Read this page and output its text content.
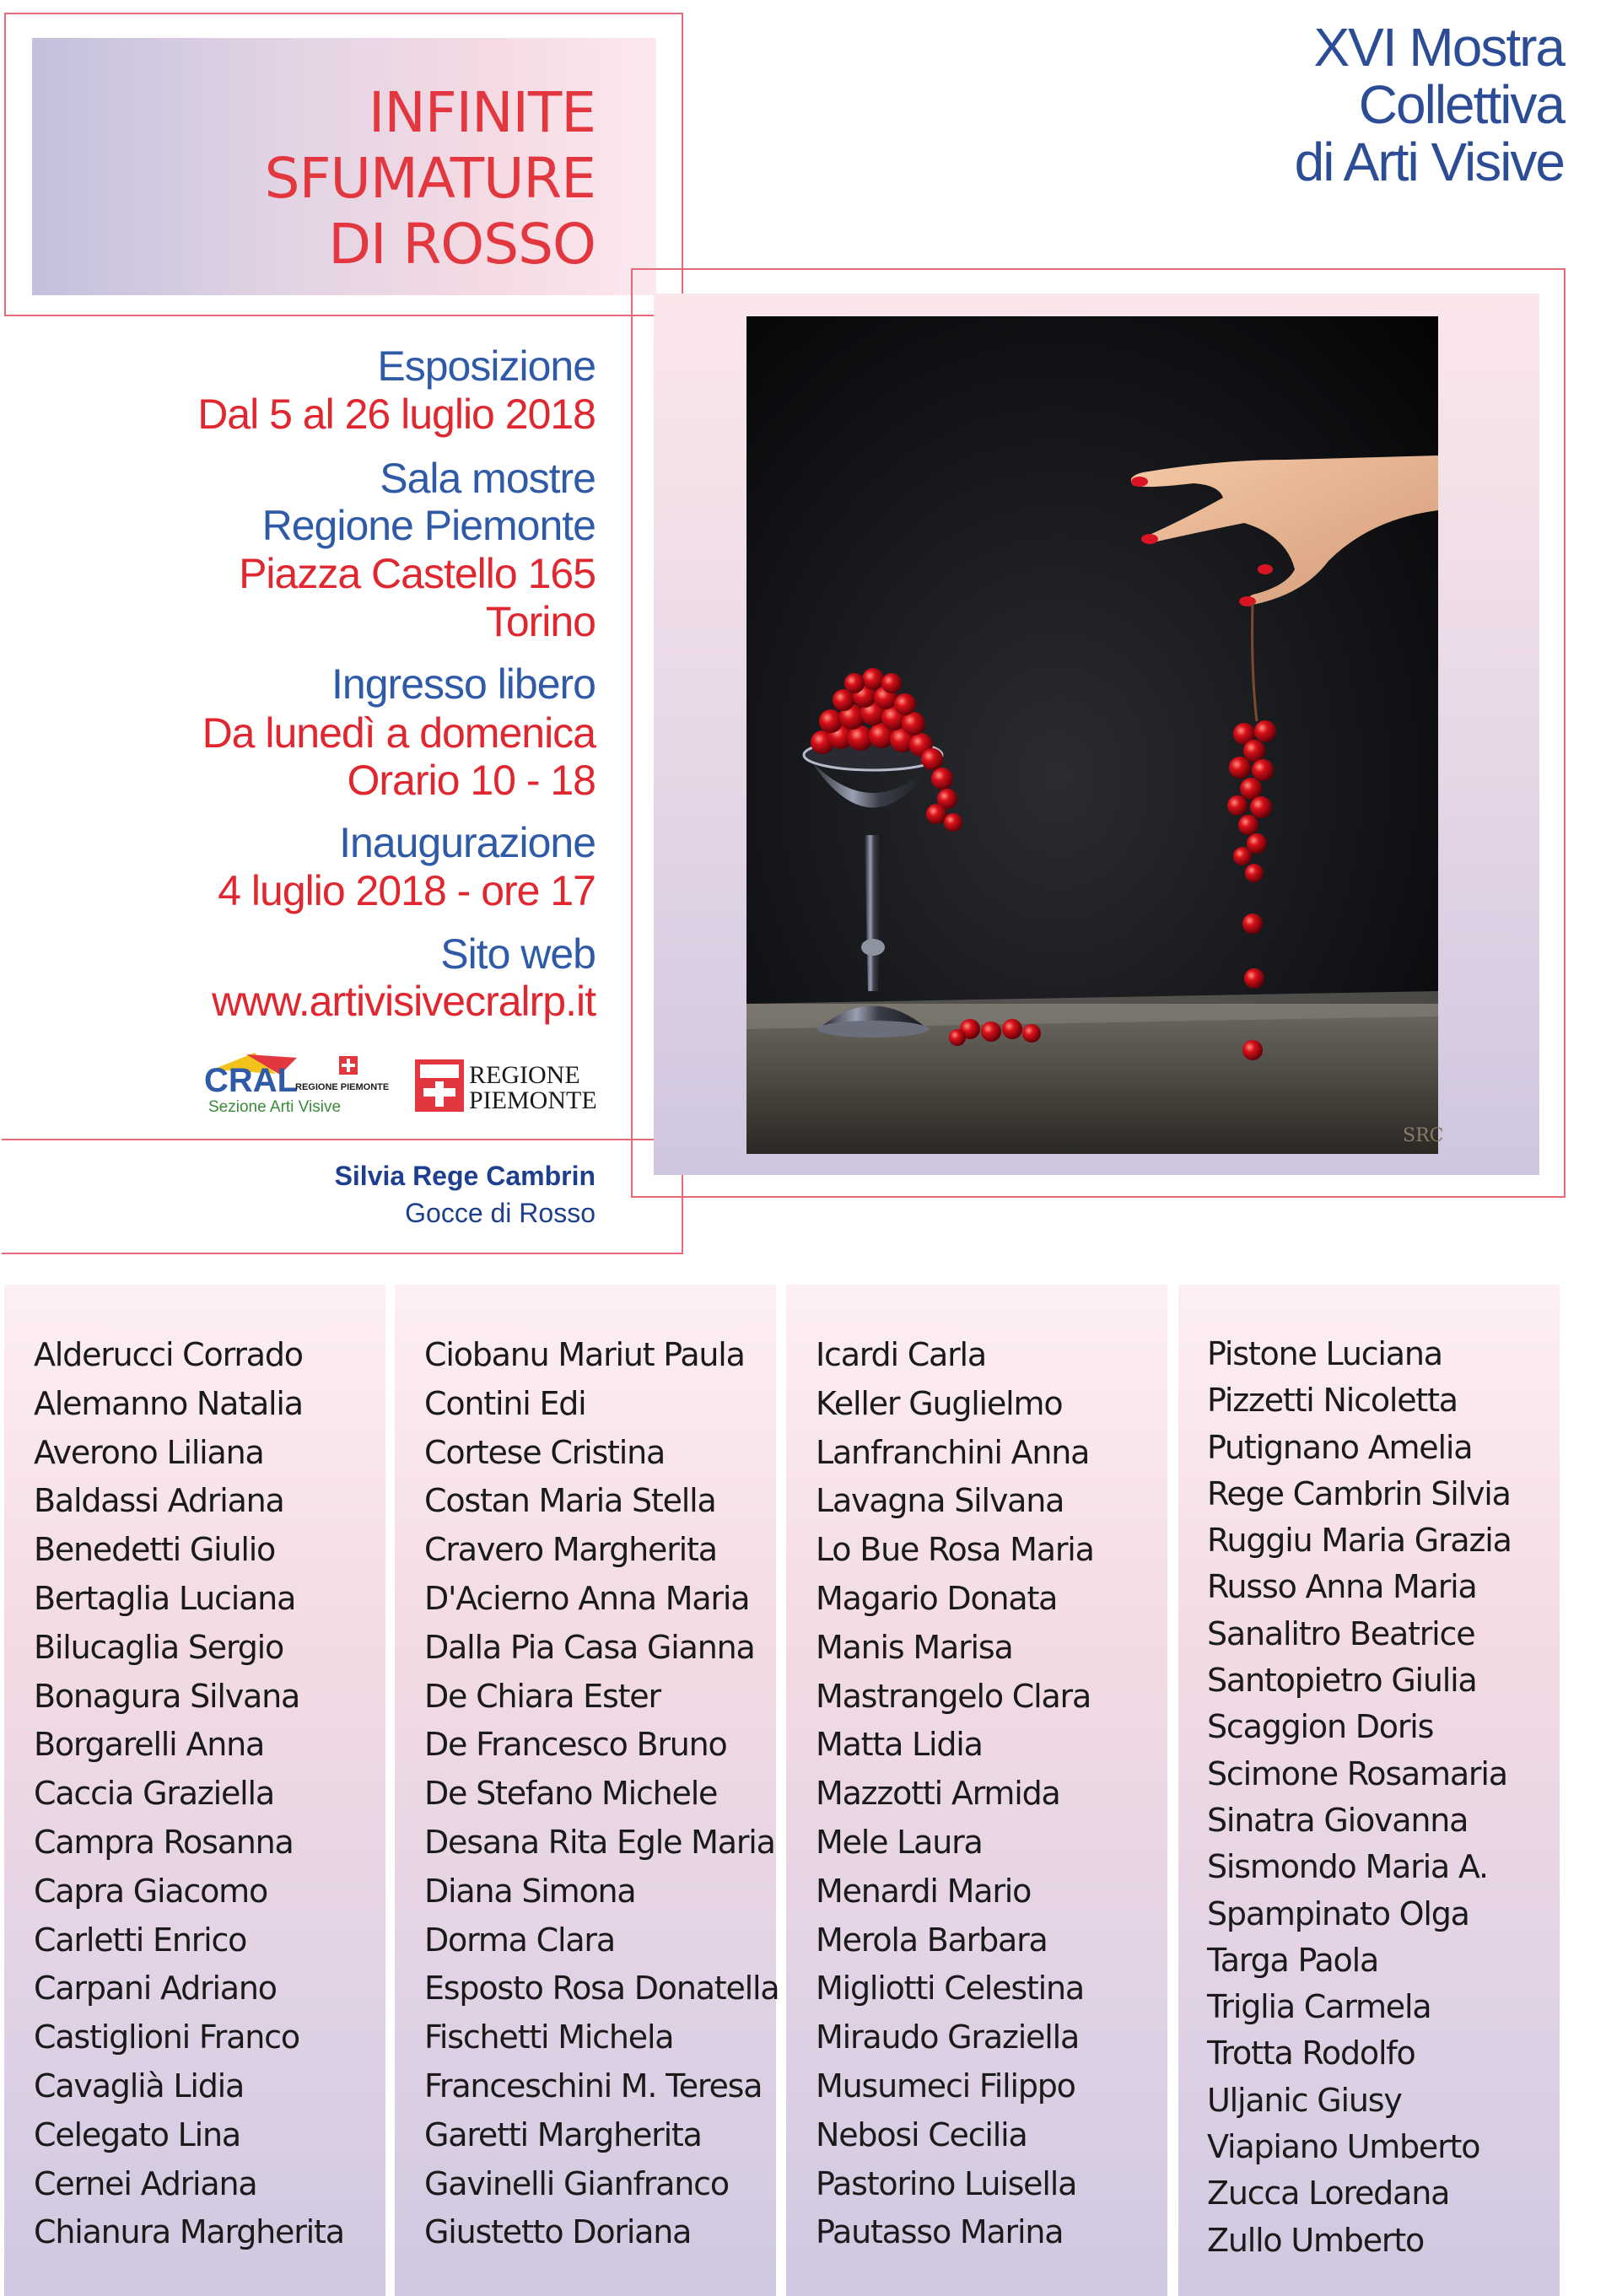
INFINITE
SFUMATURE
DI ROSSO
XVI Mostra
Collettiva
di Arti Visive
Esposizione
Dal 5 al 26 luglio 2018
Sala mostre
Regione Piemonte
Piazza Castello 165
Torino
Ingresso libero
Da lunedì a domenica
Orario 10 - 18
Inaugurazione
4 luglio 2018 - ore 17
Sito web
www.artivisivecralrp.it
CRAL
REGIONE PIEMONTE
Sezione Arti Visive
REGIONE
PIEMONTE
Silvia Rege Cambrin
Gocce di Rosso
SRC
Alderucci Corrado
Alemanno Natalia
Averono Liliana
Baldassi Adriana
Benedetti Giulio
Bertaglia Luciana
Bilucaglia Sergio
Bonagura Silvana
Borgarelli Anna
Caccia Graziella
Campra Rosanna
Capra Giacomo
Carletti Enrico
Carpani Adriano
Castiglioni Franco
Cavaglià Lidia
Celegato Lina
Cernei Adriana
Chianura Margherita
Ciobanu Mariut Paula
Contini Edi
Cortese Cristina
Costan Maria Stella
Cravero Margherita
D'Acierno Anna Maria
Dalla Pia Casa Gianna
De Chiara Ester
De Francesco Bruno
De Stefano Michele
Desana Rita Egle Maria
Diana Simona
Dorma Clara
Esposto Rosa Donatella
Fischetti Michela
Franceschini M. Teresa
Garetti Margherita
Gavinelli Gianfranco
Giustetto Doriana
Icardi Carla
Keller Guglielmo
Lanfranchini Anna
Lavagna Silvana
Lo Bue Rosa Maria
Magario Donata
Manis Marisa
Mastrangelo Clara
Matta Lidia
Mazzotti Armida
Mele Laura
Menardi Mario
Merola Barbara
Migliotti Celestina
Miraudo Graziella
Musumeci Filippo
Nebosi Cecilia
Pastorino Luisella
Pautasso Marina
Pistone Luciana
Pizzetti Nicoletta
Putignano Amelia
Rege Cambrin Silvia
Ruggiu Maria Grazia
Russo Anna Maria
Sanalitro Beatrice
Santopietro Giulia
Scaggion Doris
Scimone Rosamaria
Sinatra Giovanna
Sismondo Maria A.
Spampinato Olga
Targa Paola
Triglia Carmela
Trotta Rodolfo
Uljanic Giusy
Viapiano Umberto
Zucca Loredana
Zullo Umberto
